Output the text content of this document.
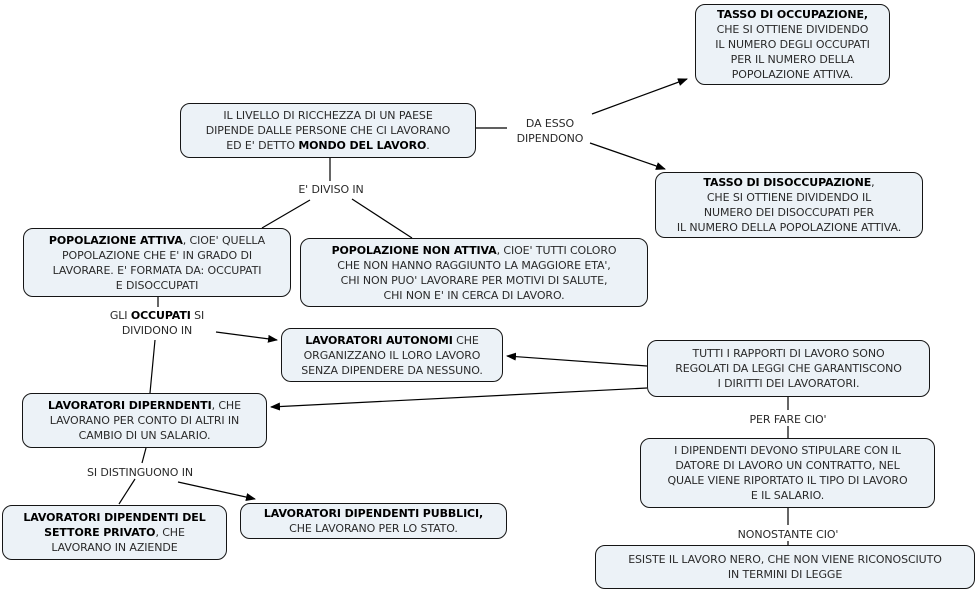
IL LIVELLO DI RICCHEZZA DI UN PAESE
DIPENDE DALLE PERSONE CHE CI LAVORANO
ED E' DETTO MONDO DEL LAVORO.
TASSO DI OCCUPAZIONE,
CHE SI OTTIENE DIVIDENDO
IL NUMERO DEGLI OCCUPATI
PER IL NUMERO DELLA
POPOLAZIONE ATTIVA.
TASSO DI DISOCCUPAZIONE,
CHE SI OTTIENE DIVIDENDO IL
NUMERO DEI DISOCCUPATI PER
IL NUMERO DELLA POPOLAZIONE ATTIVA.
POPOLAZIONE ATTIVA, CIOE' QUELLA
POPOLAZIONE CHE E' IN GRADO DI
LAVORARE. E' FORMATA DA: OCCUPATI
E DISOCCUPATI
POPOLAZIONE NON ATTIVA, CIOE' TUTTI COLORO
CHE NON HANNO RAGGIUNTO LA MAGGIORE ETA',
CHI NON PUO' LAVORARE PER MOTIVI DI SALUTE,
CHI NON E' IN CERCA DI LAVORO.
LAVORATORI AUTONOMI CHE
ORGANIZZANO IL LORO LAVORO
SENZA DIPENDERE DA NESSUNO.
TUTTI I RAPPORTI DI LAVORO SONO
REGOLATI DA LEGGI CHE GARANTISCONO
I DIRITTI DEI LAVORATORI.
LAVORATORI DIPERNDENTI, CHE
LAVORANO PER CONTO DI ALTRI IN
CAMBIO DI UN SALARIO.
I DIPENDENTI DEVONO STIPULARE CON IL
DATORE DI LAVORO UN CONTRATTO, NEL
QUALE VIENE RIPORTATO IL TIPO DI LAVORO
E IL SALARIO.
LAVORATORI DIPENDENTI DEL
SETTORE PRIVATO, CHE
LAVORANO IN AZIENDE
LAVORATORI DIPENDENTI PUBBLICI,
CHE LAVORANO PER LO STATO.
ESISTE IL LAVORO NERO, CHE NON VIENE RICONOSCIUTO
IN TERMINI DI LEGGE
DA ESSO
DIPENDONO
E' DIVISO IN
GLI OCCUPATI SI
DIVIDONO IN
SI DISTINGUONO IN
PER FARE CIO'
NONOSTANTE CIO'
